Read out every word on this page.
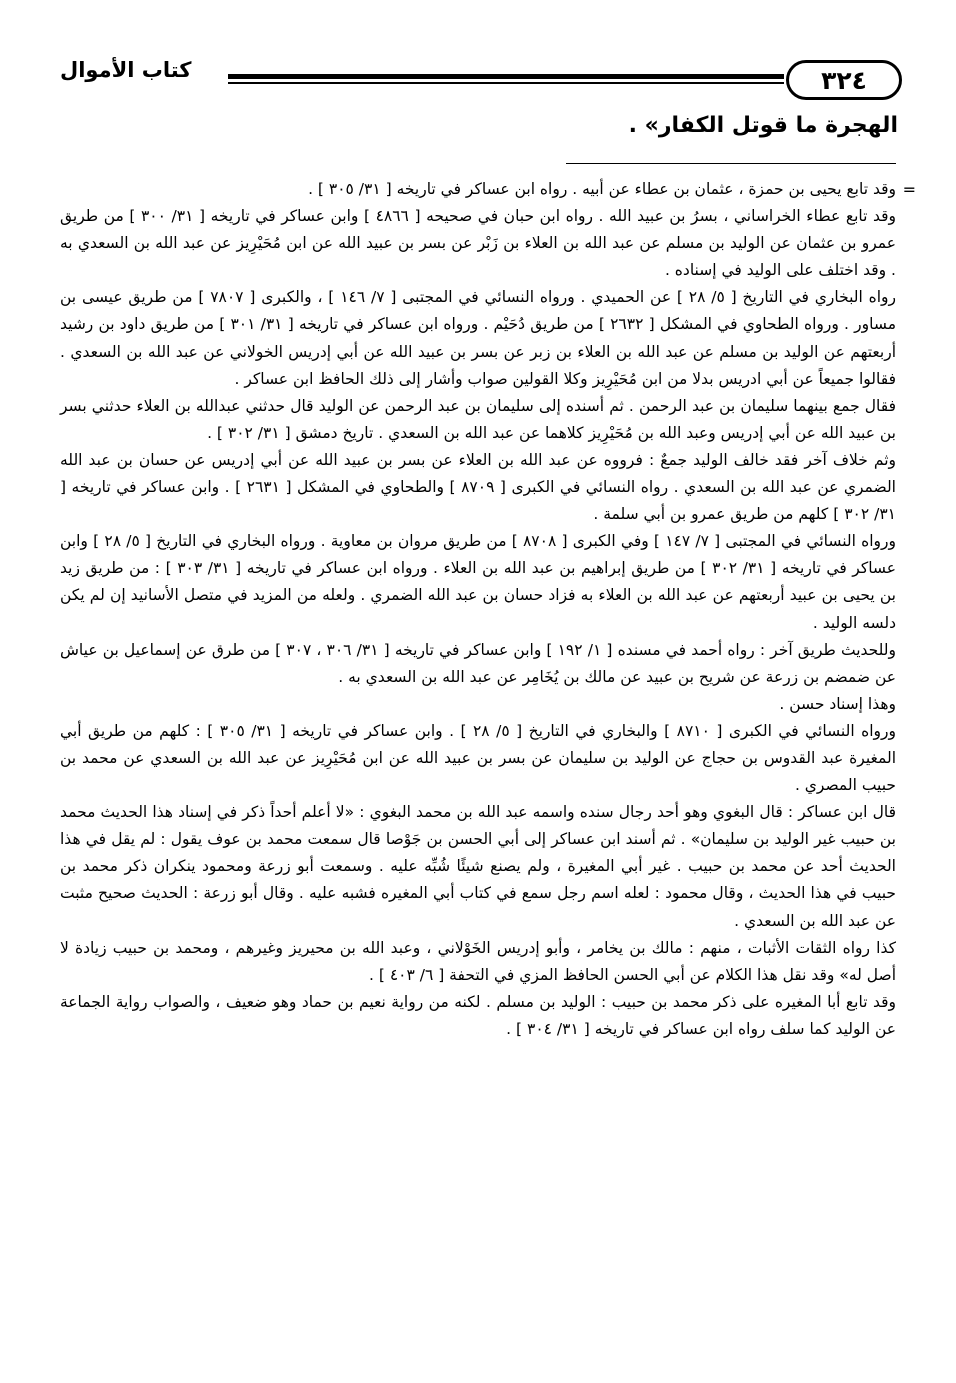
كتاب الأموال	٣٢٤
الهجرة ما قوتل الكفار» .
=

وقد تابع يحيى بن حمزة ، عثمان بن عطاء عن أبيه . رواه ابن عساكر في تاريخه [ ٣١/ ٣٠٥ ] .

وقد تابع عطاء الخراساني ، بسرُ بن عبيد الله . رواه ابن حبان في صحيحه [ ٤٨٦٦ ] وابن عساكر في تاريخه [ ٣١/ ٣٠٠ ] من طريق عمرو بن عثمان عن الوليد بن مسلم عن عبد الله بن العلاء بن زَبْر عن بسر بن عبيد الله عن ابن مُحَيْرِيز عن عبد الله بن السعدي به . وقد اختلف على الوليد في إسناده .

رواه البخاري في التاريخ [ ٥/ ٢٨ ] عن الحميدي . ورواه النسائي في المجتبى [ ٧/ ١٤٦ ] ، والكبرى [ ٧٨٠٧ ] من طريق عيسى بن مساور . ورواه الطحاوي في المشكل [ ٢٦٣٢ ] من طريق دُحَيْم . ورواه ابن عساكر في تاريخه [ ٣١/ ٣٠١ ] من طريق داود بن رشيد أربعتهم عن الوليد بن مسلم عن عبد الله بن العلاء بن زبر عن بسر بن عبيد الله عن أبي إدريس الخولاني عن عبد الله بن السعدي . فقالوا جميعاً عن أبي ادريس بدلا من ابن مُحَيْرِيز وكلا القولين صواب وأشار إلى ذلك الحافظ ابن عساكر .

فقال جمع بينهما سليمان بن عبد الرحمن . ثم أسنده إلى سليمان بن عبد الرحمن عن الوليد قال حدثني عبدالله بن العلاء حدثني بسر بن عبيد الله عن أبي إدريس وعبد الله بن مُحَيْرِيز كلاهما عن عبد الله بن السعدي . تاريخ دمشق [ ٣١/ ٣٠٢ ] .

وثم خلاف آخر فقد خالف الوليد جمعٌ : فرووه عن عبد الله بن العلاء عن بسر بن عبيد الله عن أبي إدريس عن حسان بن عبد الله الضمري عن عبد الله بن السعدي . رواه النسائي في الكبرى [ ٨٧٠٩ ] والطحاوي في المشكل [ ٢٦٣١ ] . وابن عساكر في تاريخه [ ٣١/ ٣٠٢ ] كلهم من طريق عمرو بن أبي سلمة .

ورواه النسائي في المجتبى [ ٧/ ١٤٧ ] وفي الكبرى [ ٨٧٠٨ ] من طريق مروان بن معاوية . ورواه البخاري في التاريخ [ ٥/ ٢٨ ] وابن عساكر في تاريخه [ ٣١/ ٣٠٢ ] من طريق إبراهيم بن عبد الله بن العلاء . ورواه ابن عساكر في تاريخه [ ٣١/ ٣٠٣ ] : من طريق زيد بن يحيى بن عبيد أربعتهم عن عبد الله بن العلاء به فزاد حسان بن عبد الله الضمري . ولعله من المزيد في متصل الأسانيد إن لم يكن دلسه الوليد .

وللحديث طريق آخر : رواه أحمد في مسنده [ ١/ ١٩٢ ] وابن عساكر في تاريخه [ ٣١/ ٣٠٦ ، ٣٠٧ ] من طرق عن إسماعيل بن عياش عن ضمضم بن زرعة عن شريح بن عبيد عن مالك بن يُخَامِر عن عبد الله بن السعدي به .

وهذا إسناد حسن .

ورواه النسائي في الكبرى [ ٨٧١٠ ] والبخاري في التاريخ [ ٥/ ٢٨ ] . وابن عساكر في تاريخه [ ٣١/ ٣٠٥ ] : كلهم من طريق أبي المغيرة عبد القدوس بن حجاج عن الوليد بن سليمان عن بسر بن عبيد الله عن ابن مُحَيْرِيز عن عبد الله بن السعدي عن محمد بن حبيب المصري .

قال ابن عساكر : قال البغوي وهو أحد رجال سنده واسمه عبد الله بن محمد البغوي : «لا أعلم أحداً ذكر في إسناد هذا الحديث محمد بن حبيب غير الوليد بن سليمان» . ثم أسند ابن عساكر إلى أبي الحسن بن جَوْصا قال سمعت محمد بن عوف يقول : لم يقل في هذا الحديث أحد عن محمد بن حبيب . غير أبي المغيرة ، ولم يصنع شيئًا شُبِّه عليه . وسمعت أبو زرعة ومحمود ينكران ذكر محمد بن حبيب في هذا الحديث ، وقال محمود : لعله اسم رجل سمع في كتاب أبي المغيره فشبه عليه . وقال أبو زرعة : الحديث صحيح مثبت عن عبد الله بن السعدي .

كذا رواه الثقات الأثبات ، منهم : مالك بن يخامر ، وأبو إدريس الخَوْلاني ، وعبد الله بن محيريز وغيرهم ، ومحمد بن حبيب زيادة لا أصل له» وقد نقل هذا الكلام عن أبي الحسن الحافظ المزي في التحفة [ ٦/ ٤٠٣ ] .

وقد تابع أبا المغيره على ذكر محمد بن حبيب : الوليد بن مسلم . لكنه من رواية نعيم بن حماد وهو ضعيف ، والصواب رواية الجماعة عن الوليد كما سلف رواه ابن عساكر في تاريخه [ ٣١/ ٣٠٤ ] .
